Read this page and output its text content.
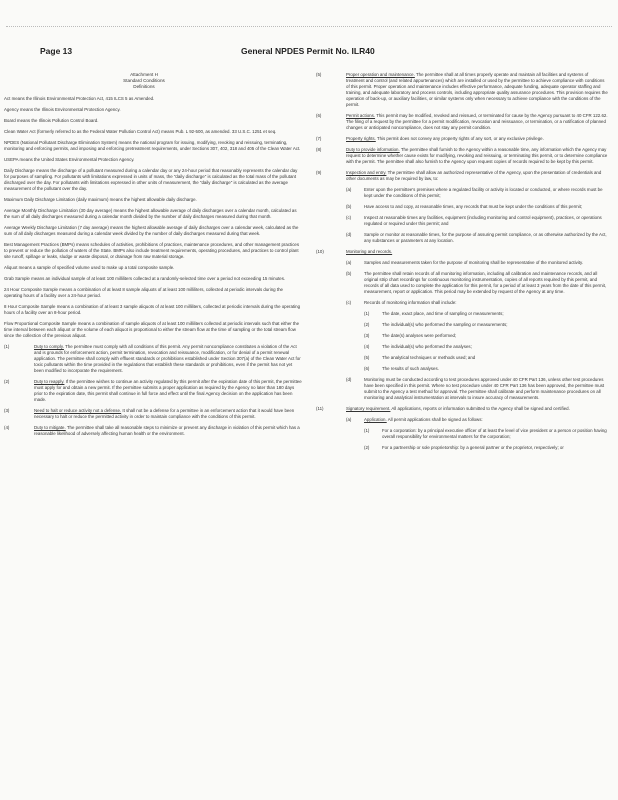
Page 13	General NPDES Permit No. ILR40
Attachment H
Standard Conditions
Definitions
Act means the Illinois Environmental Protection Act, 415 ILCS 5 as Amended.
Agency means the Illinois Environmental Protection Agency.
Board means the Illinois Pollution Control Board.
Clean Water Act (formerly referred to as the Federal Water Pollution Control Act) means Pub. L 92-500, as amended. 33 U.S.C. 1251 et seq.
NPDES (National Pollutant Discharge Elimination System) means the national program for issuing, modifying, revoking and reissuing, terminating, monitoring and enforcing permits, and imposing and enforcing pretreatment requirements, under Sections 307, 402, 318 and 405 of the Clean Water Act.
USEPA means the United States Environmental Protection Agency.
Daily Discharge means the discharge of a pollutant measured during a calendar day or any 24-hour period that reasonably represents the calendar day for purposes of sampling. For pollutants with limitations expressed in units of mass, the "daily discharge" is calculated as the total mass of the pollutant discharged over the day. For pollutants with limitations expressed in other units of measurement, the "daily discharge" is calculated as the average measurement of the pollutant over the day.
Maximum Daily Discharge Limitation (daily maximum) means the highest allowable daily discharge.
Average Monthly Discharge Limitation (30 day average) means the highest allowable average of daily discharges over a calendar month, calculated as the sum of all daily discharges measured during a calendar month divided by the number of daily discharges measured during that month.
Average Weekly Discharge Limitation (7 day average) means the highest allowable average of daily discharges over a calendar week, calculated as the sum of all daily discharges measured during a calendar week divided by the number of daily discharges measured during that week.
Best Management Practices (BMPs) means schedules of activities, prohibitions of practices, maintenance procedures, and other management practices to prevent or reduce the pollution of waters of the State. BMPs also include treatment requirements, operating procedures, and practices to control plant site runoff, spillage or leaks, sludge or waste disposal, or drainage from raw material storage.
Aliquot means a sample of specified volume used to make up a total composite sample.
Grab Sample means an individual sample of at least 100 milliliters collected at a randomly-selected time over a period not exceeding 15 minutes.
24 Hour Composite Sample means a combination of at least 8 sample aliquots of at least 100 milliliters, collected at periodic intervals during the operating hours of a facility over a 24-hour period.
8 Hour Composite Sample means a combination of at least 3 sample aliquots of at least 100 milliliters, collected at periodic intervals during the operating hours of a facility over an 8-hour period.
Flow Proportional Composite Sample means a combination of sample aliquots of at least 100 milliliters collected at periodic intervals such that either the time interval between each aliquot or the volume of each aliquot is proportional to either the stream flow at the time of sampling or the total stream flow since the collection of the previous aliquot.
(1)	Duty to comply. The permittee must comply with all conditions of this permit. Any permit noncompliance constitutes a violation of the Act and is grounds for enforcement action, permit termination, revocation and reissuance, modification, or for denial of a permit renewal application. The permittee shall comply with effluent standards or prohibitions established under Section 307(a) of the Clean Water Act for toxic pollutants within the time provided in the regulations that establish these standards or prohibitions, even if the permit has not yet been modified to incorporate the requirement.
(2)	Duty to reapply. If the permittee wishes to continue an activity regulated by this permit after the expiration date of this permit, the permittee must apply for and obtain a new permit. If the permittee submits a proper application as required by the Agency no later than 180 days prior to the expiration date, this permit shall continue in full force and effect until the final Agency decision on the application has been made.
(3)	Need to halt or reduce activity not a defense. It shall not be a defense for a permittee in an enforcement action that it would have been necessary to halt or reduce the permitted activity in order to maintain compliance with the conditions of this permit.
(4)	Duty to mitigate. The permittee shall take all reasonable steps to minimize or prevent any discharge in violation of this permit which has a reasonable likelihood of adversely affecting human health or the environment.
(5)	Proper operation and maintenance. The permittee shall at all times properly operate and maintain all facilities and systems of treatment and control (and related appurtenances) which are installed or used by the permittee to achieve compliance with conditions of this permit. Proper operation and maintenance includes effective performance, adequate funding, adequate operator staffing and training, and adequate laboratory and process controls, including appropriate quality assurance procedures. This provision requires the operation of back-up, or auxiliary facilities, or similar systems only when necessary to achieve compliance with the conditions of the permit.
(6)	Permit actions. This permit may be modified, revoked and reissued, or terminated for cause by the Agency pursuant to 40 CFR 122.62. The filing of a request by the permittee for a permit modification, revocation and reissuance, or termination, or a notification of planned changes or anticipated noncompliance, does not stay any permit condition.
(7)	Property rights. This permit does not convey any property rights of any sort, or any exclusive privilege.
(8)	Duty to provide information. The permittee shall furnish to the Agency within a reasonable time, any information which the Agency may request to determine whether cause exists for modifying, revoking and reissuing, or terminating this permit, or to determine compliance with the permit. The permittee shall also furnish to the Agency upon request copies of records required to be kept by this permit.
(9)	Inspection and entry. The permittee shall allow an authorized representative of the Agency, upon the presentation of credentials and other documents as may be required by law, to:
(a)	Enter upon the permittee's premises where a regulated facility or activity is located or conducted, or where records must be kept under the conditions of this permit;
(b)	Have access to and copy, at reasonable times, any records that must be kept under the conditions of this permit;
(c)	Inspect at reasonable times any facilities, equipment (including monitoring and control equipment), practices, or operations regulated or required under this permit; and
(d)	Sample or monitor at reasonable times, for the purpose of assuring permit compliance, or as otherwise authorized by the Act, any substances or parameters at any location.
(10)	Monitoring and records.
(a)	Samples and measurements taken for the purpose of monitoring shall be representative of the monitored activity.
(b)	The permittee shall retain records of all monitoring information, including all calibration and maintenance records, and all original strip chart recordings for continuous monitoring instrumentation, copies of all reports required by this permit, and records of all data used to complete the application for this permit, for a period of at least 3 years from the date of this permit, measurement, report or application. This period may be extended by request of the Agency at any time.
(c)	Records of monitoring information shall include:
(1)	The date, exact place, and time of sampling or measurements;
(2)	The individual(s) who performed the sampling or measurements;
(3)	The date(s) analyses were performed;
(4)	The individual(s) who performed the analyses;
(5)	The analytical techniques or methods used; and
(6)	The results of such analyses.
(d)	Monitoring must be conducted according to test procedures approved under 40 CFR Part 136, unless other test procedures have been specified in this permit. Where no test procedure under 40 CFR Part 136 has been approved, the permittee must submit to the Agency a test method for approval. The permittee shall calibrate and perform maintenance procedures on all monitoring and analytical instrumentation at intervals to insure accuracy of measurements.
(11)	Signatory requirement. All applications, reports or information submitted to the Agency shall be signed and certified.
(a)	Application. All permit applications shall be signed as follows:
(1)	For a corporation: by a principal executive officer of at least the level of vice president or a person or position having overall responsibility for environmental matters for the corporation;
(2)	For a partnership or sole proprietorship: by a general partner or the proprietor, respectively; or
